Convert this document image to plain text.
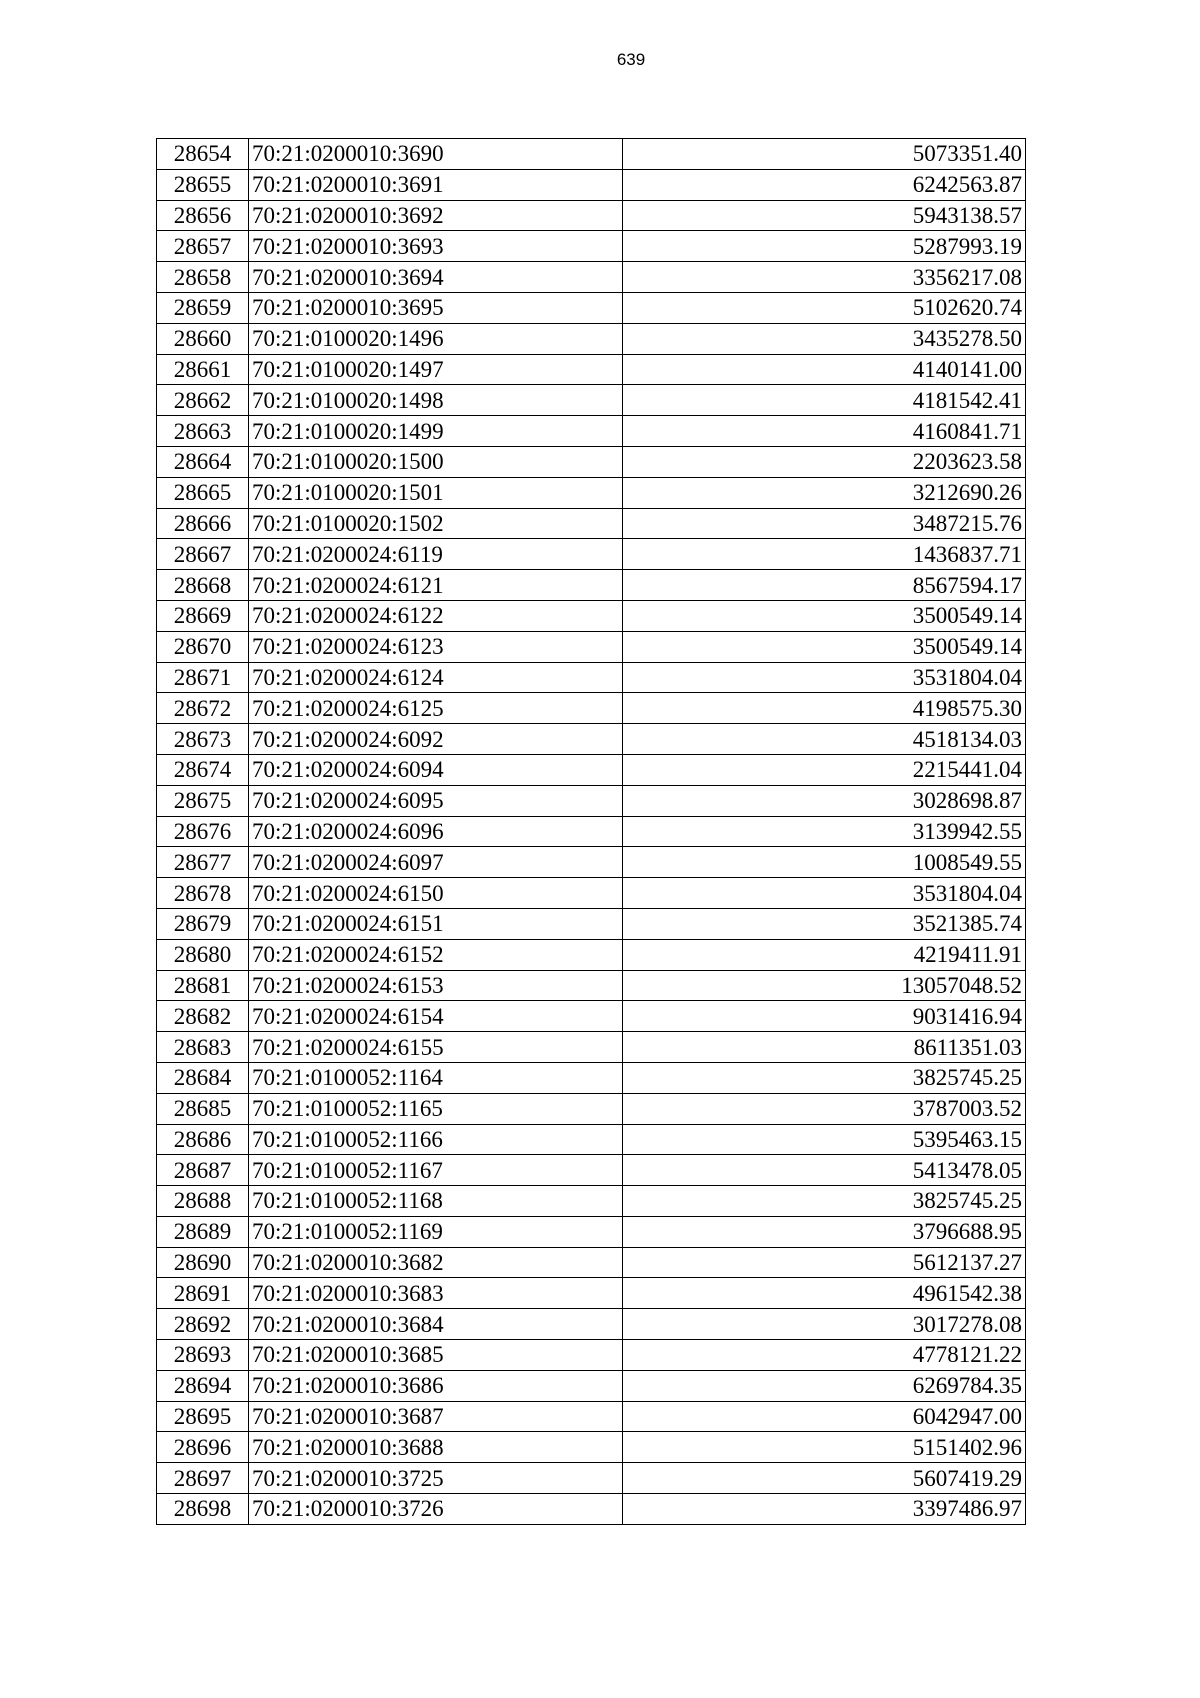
639
28654	70:21:0200010:3690	5073351.40
28655	70:21:0200010:3691	6242563.87
28656	70:21:0200010:3692	5943138.57
28657	70:21:0200010:3693	5287993.19
28658	70:21:0200010:3694	3356217.08
28659	70:21:0200010:3695	5102620.74
28660	70:21:0100020:1496	3435278.50
28661	70:21:0100020:1497	4140141.00
28662	70:21:0100020:1498	4181542.41
28663	70:21:0100020:1499	4160841.71
28664	70:21:0100020:1500	2203623.58
28665	70:21:0100020:1501	3212690.26
28666	70:21:0100020:1502	3487215.76
28667	70:21:0200024:6119	1436837.71
28668	70:21:0200024:6121	8567594.17
28669	70:21:0200024:6122	3500549.14
28670	70:21:0200024:6123	3500549.14
28671	70:21:0200024:6124	3531804.04
28672	70:21:0200024:6125	4198575.30
28673	70:21:0200024:6092	4518134.03
28674	70:21:0200024:6094	2215441.04
28675	70:21:0200024:6095	3028698.87
28676	70:21:0200024:6096	3139942.55
28677	70:21:0200024:6097	1008549.55
28678	70:21:0200024:6150	3531804.04
28679	70:21:0200024:6151	3521385.74
28680	70:21:0200024:6152	4219411.91
28681	70:21:0200024:6153	13057048.52
28682	70:21:0200024:6154	9031416.94
28683	70:21:0200024:6155	8611351.03
28684	70:21:0100052:1164	3825745.25
28685	70:21:0100052:1165	3787003.52
28686	70:21:0100052:1166	5395463.15
28687	70:21:0100052:1167	5413478.05
28688	70:21:0100052:1168	3825745.25
28689	70:21:0100052:1169	3796688.95
28690	70:21:0200010:3682	5612137.27
28691	70:21:0200010:3683	4961542.38
28692	70:21:0200010:3684	3017278.08
28693	70:21:0200010:3685	4778121.22
28694	70:21:0200010:3686	6269784.35
28695	70:21:0200010:3687	6042947.00
28696	70:21:0200010:3688	5151402.96
28697	70:21:0200010:3725	5607419.29
28698	70:21:0200010:3726	3397486.97
